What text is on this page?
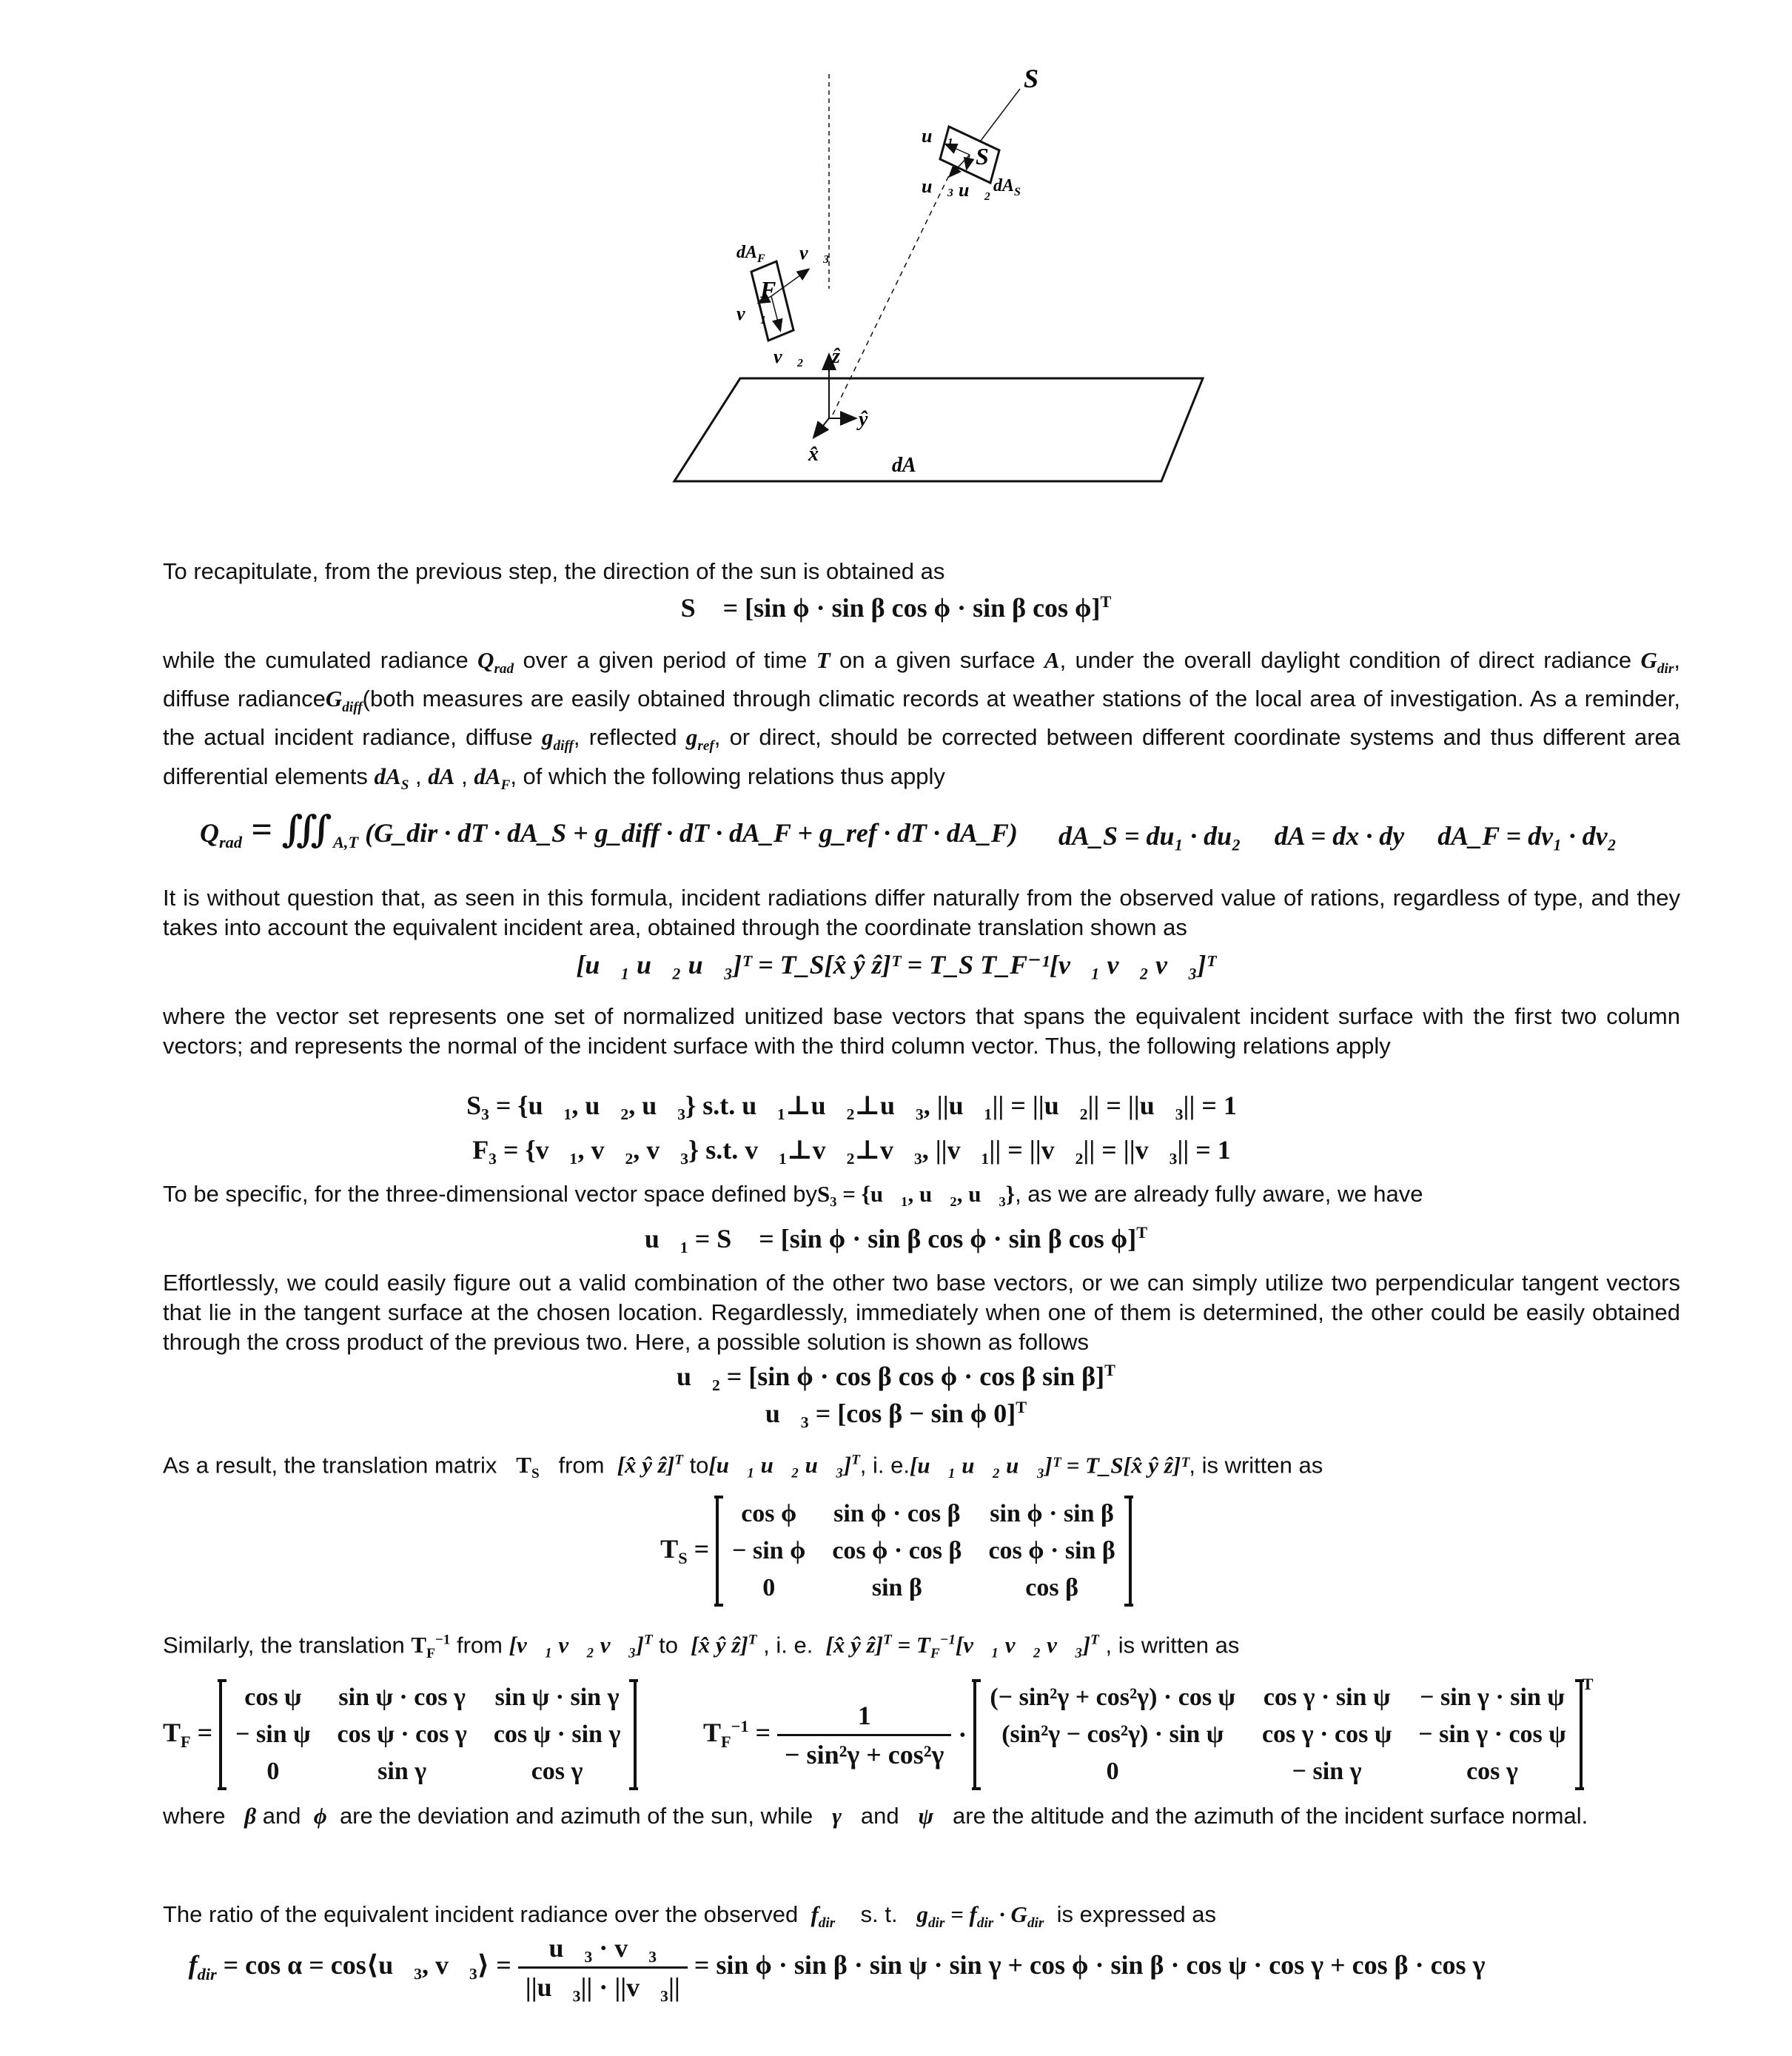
S⃗
S
$dA_S$
u⃗₁
u⃗₂
u⃗₃
F
$dA_F$
v⃗₁
v⃗₂
v⃗₃
x̂
ŷ
ẑ
dA

To recapitulate, from the previous step, the direction of the sun is obtained as

S⃗ = [sin ϕ · sin β cos ϕ · sin β cos ϕ]$^T$

while the cumulated radiance $Q_{rad}$ over a given period of time T on a given surface A, under the overall daylight condition of direct radiance $G_{dir}$, diffuse radianceG$_{diff}$(both measures are easily obtained through climatic records at weather stations of the local area of investigation. As a reminder, the actual incident radiance, diffuse $g_{diff}$, reflected $g_{ref}$, or direct, should be corrected between different coordinate systems and thus different area differential elements $dA_S$ , dA , $dA_F$, of which the following relations thus apply

$Q_{rad}$ = $∭_{A,T}$ (G_dir · dT · dA_S + g_diff · dT · dA_F + g_ref · dT · dA_F) dA_S = du₁ · du₂ dA = dx · dy dA_F = dv₁ · dv₂

It is without question that, as seen in this formula, incident radiations differ naturally from the observed value of rations, regardless of type, and they takes into account the equivalent incident area, obtained through the coordinate translation shown as

[u⃗₁ u⃗₂ u⃗₃]ᵀ = T_S[x̂ ŷ ẑ]ᵀ = T_S T_F⁻¹[v⃗₁ v⃗₂ v⃗₃]ᵀ

where the vector set represents one set of normalized unitized base vectors that spans the equivalent incident surface with the first two column vectors; and represents the normal of the incident surface with the third column vector. Thus, the following relations apply

S₃ = {u⃗₁, u⃗₂, u⃗₃} s.t. u⃗₁⊥u⃗₂⊥u⃗₃, ||u⃗₁|| = ||u⃗₂|| = ||u⃗₃|| = 1
F₃ = {v⃗₁, v⃗₂, v⃗₃} s.t. v⃗₁⊥v⃗₂⊥v⃗₃, ||v⃗₁|| = ||v⃗₂|| = ||v⃗₃|| = 1

To be specific, for the three-dimensional vector space defined byS₃ = {u⃗₁, u⃗₂, u⃗₃}, as we are already fully aware, we have

u⃗₁ = S⃗ = [sin ϕ · sin β cos ϕ · sin β cos ϕ]$^T$

Effortlessly, we could easily figure out a valid combination of the other two base vectors, or we can simply utilize two perpendicular tangent vectors that lie in the tangent surface at the chosen location. Regardlessly, immediately when one of them is determined, the other could be easily obtained through the cross product of the previous two. Here, a possible solution is shown as follows

u⃗₂ = [sin ϕ · cos β cos ϕ · cos β sin β]$^T$
u⃗₃ = [cos β − sin ϕ 0]$^T$

As a result, the translation matrix $T_S$ from [x̂ ŷ ẑ]$^T$ to[u⃗₁ u⃗₂ u⃗₃]$^T$, i. e.[u⃗₁ u⃗₂ u⃗₃]ᵀ = T_S[x̂ ŷ ẑ]ᵀ, is written as

$T_S = \cos \phi$	sin ϕ · cos β	sin ϕ · sin β
− sin ϕ	cos ϕ · cos β	cos ϕ · sin β
0	sin β	cos β

Similarly, the translation $T_F^{-1}$ from [v⃗₁ v⃗₂ v⃗₃]$^T$ to [x̂ ŷ ẑ]$^T$ , i. e. [x̂ ŷ ẑ]$^T$ = $T_F^{-1}[v⃗_1$ v⃗₂ v⃗₃]$^T$ , is written as

$T_F = \cos \psi$	sin ψ · cos γ	sin ψ · sin γ
− sin ψ	cos ψ · cos γ	cos ψ · sin γ
0	sin γ	cos γ

$T_F^{-1} = \frac{1}{\text{− sin²γ + cos²γ}}$ · (− sin²γ + cos²γ) · cos ψ	cos γ · sin ψ	− sin γ · sin ψ
(sin²γ − cos²γ) · sin ψ	cos γ · cos ψ	− sin γ · cos ψ
0	− sin γ	cos γ
$^T$

where β and ϕ are the deviation and azimuth of the sun, while γ and ψ are the altitude and the azimuth of the incident surface normal.

The ratio of the equivalent incident radiance over the observed $f_{dir}$ s. t. $g_{dir} = f_{dir} \cdot G_{dir}$ is expressed as

$f_{dir} = \cos \alpha$ = cos⟨u⃗₃, v⃗₃⟩ = $\frac{\text{u⃗₃ · v⃗₃}}{\text{||u⃗₃|| · ||v⃗₃||}} = \sin \phi \cdot \sin \beta \cdot \sin \psi \cdot \sin \gamma + \cos \phi \cdot \sin \beta \cdot \cos \psi \cdot \cos \gamma + \cos \beta \cdot \cos \gamma$
